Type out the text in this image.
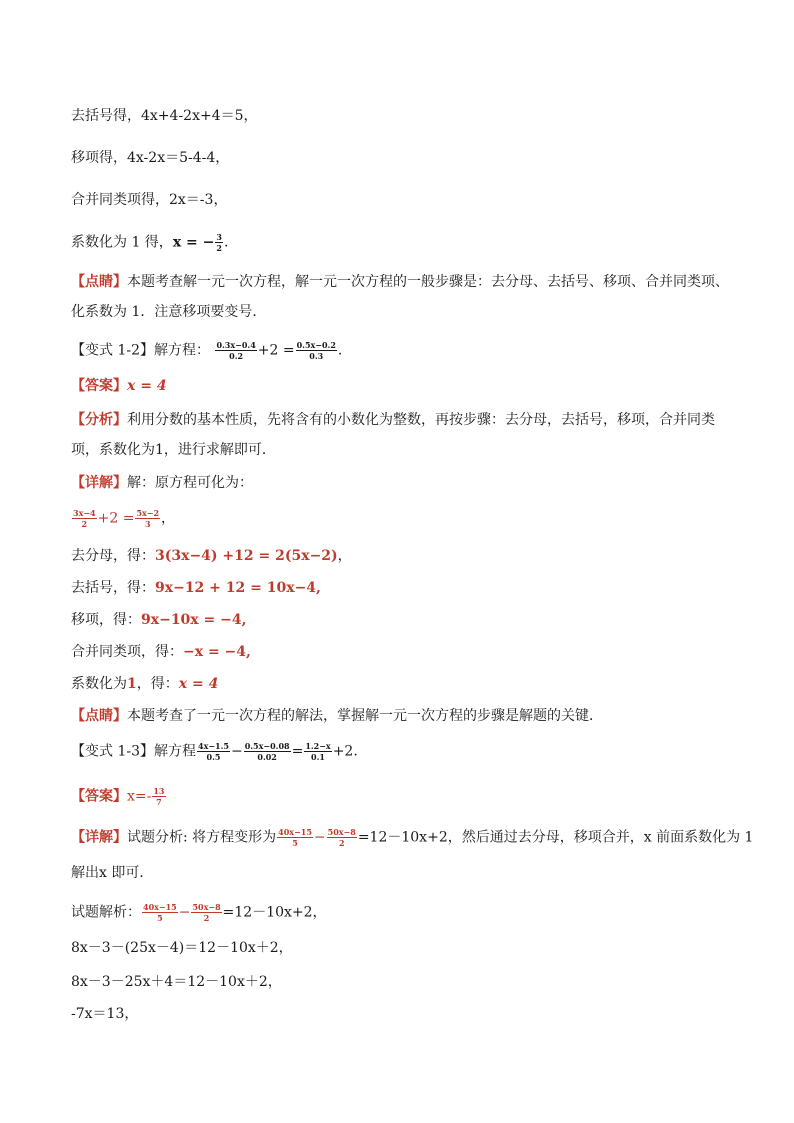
去括号得，4x+4-2x+4＝5，
移项得，4x-2x＝5-4-4，
合并同类项得，2x＝-3，
系数化为 1 得，x = − $\frac{3}{2}$ .
【点睛】本题考查解一元一次方程，解一元一次方程的一般步骤是：去分母、去括号、移项、合并同类项、化系数为 1．注意移项要变号．
【变式 1-2】解方程： $\frac{0.3x-0.4}{0.2} +2 = \frac{0.5x-0.2}{0.3}$ .
【答案】x = 4
【分析】利用分数的基本性质，先将含有的小数化为整数，再按步骤：去分母，去括号，移项，合并同类项，系数化为1，进行求解即可．
【详解】解：原方程可化为：
$\frac{3x-4}{2} +2 = \frac{5x-2}{3}$ ，
去分母，得：3(3x−4) +12 = 2(5x−2)，
去括号，得：9x−12 + 12 = 10x−4,
移项，得：9x−10x = −4,
合并同类项，得：−x = −4,
系数化为1，得：x = 4
【点睛】本题考查了一元一次方程的解法，掌握解一元一次方程的步骤是解题的关键．
【变式 1-3】解方程 $\frac{4x-1.5}{0.5} - \frac{0.5x-0.08}{0.02} = \frac{1.2-x}{0.1} +2$.
【答案】$x=- \frac{13}{7}$
【详解】试题分析: 将方程变形为 $\frac{40x-15}{5} - \frac{50x-8}{2} =12-10x+2$，然后通过去分母，移项合并，x 前面系数化为 1
解出x 即可．
试题解析： $\frac{40x-15}{5} - \frac{50x-8}{2} =12-10x+2$，
8x－3－(25x－4)＝12－10x＋2，
8x－3－25x＋4＝12－10x＋2，
-7x＝13，
